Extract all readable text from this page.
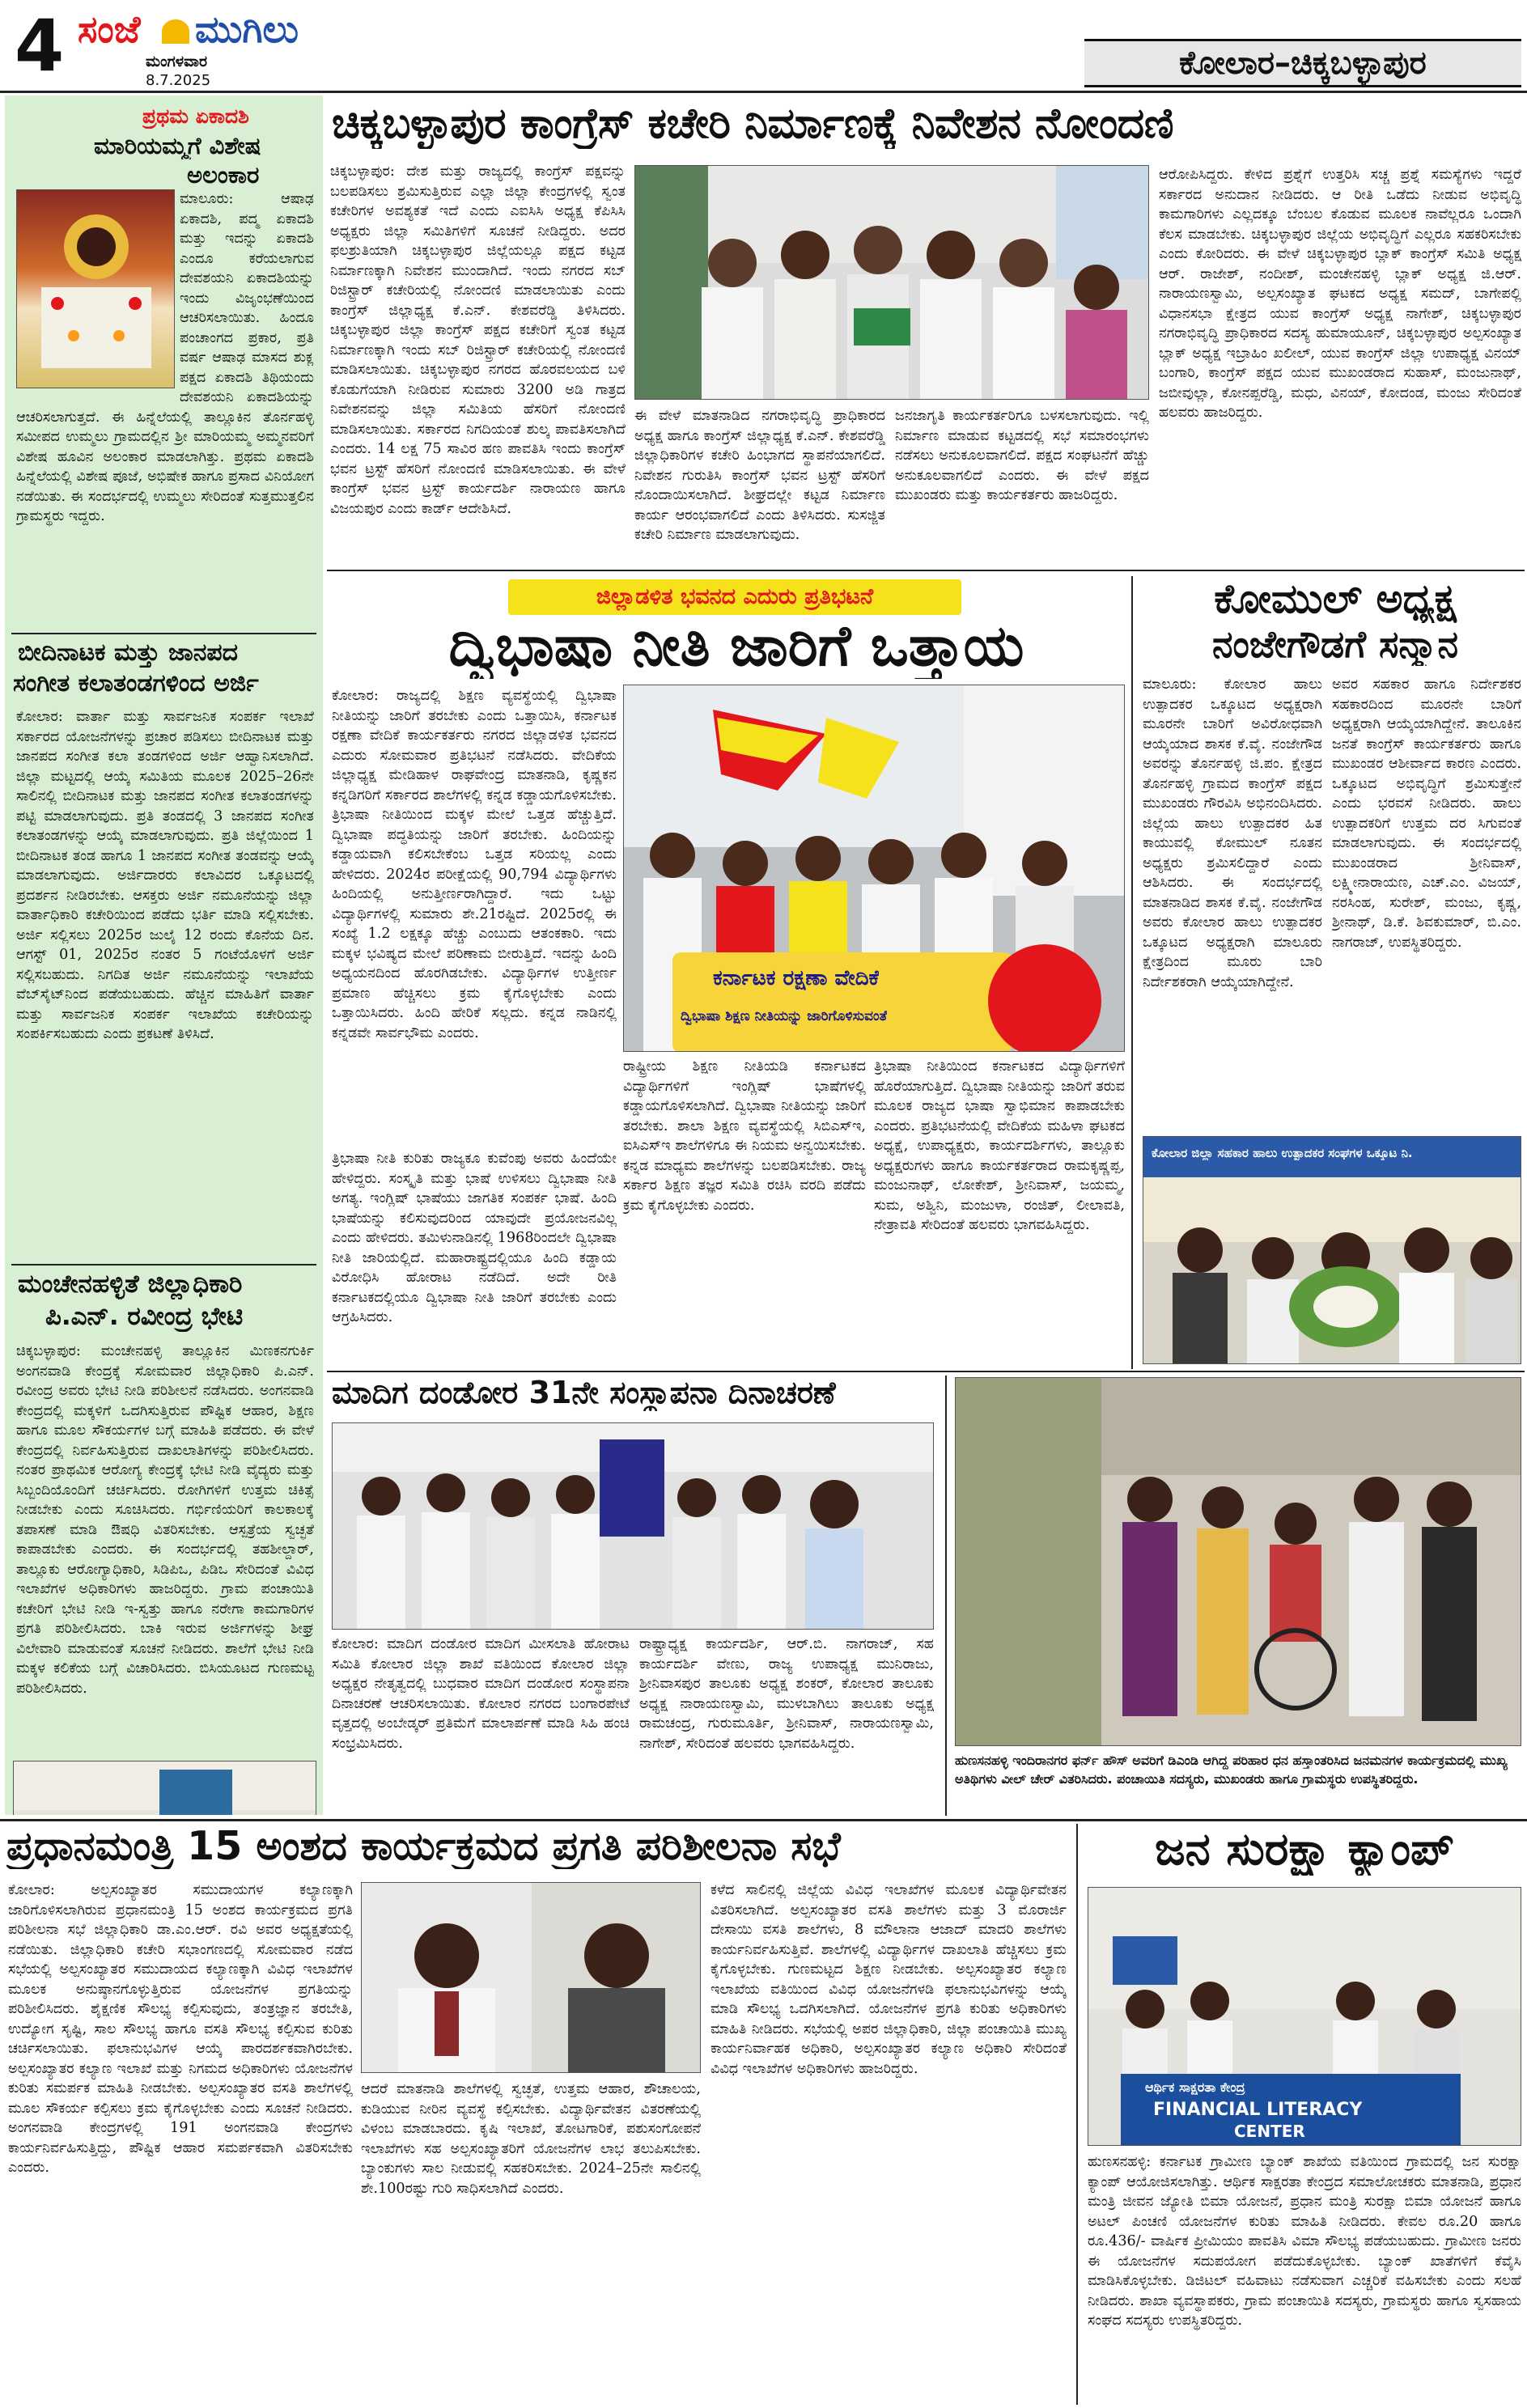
4 ಸಂಜೆ ಮುಗಿಲು
ಮಂಗಳವಾರ
8.7.2025	ಕೋಲಾರ–ಚಿಕ್ಕಬಳ್ಳಾಪುರ
ಪ್ರಥಮ ಏಕಾದಶಿ
ಮಾರಿಯಮ್ಮಗೆ ವಿಶೇಷ
ಅಲಂಕಾರ
ಮಾಲೂರು: ಆಷಾಢ ಏಕಾದಶಿ, ಪದ್ಮ ಏಕಾದಶಿ ಮತ್ತು ಇದನ್ನು ಏಕಾದಶಿ ಎಂದೂ ಕರೆಯಲಾಗುವ ದೇವಶಯನಿ ಏಕಾದಶಿಯನ್ನು ಇಂದು ವಿಜೃಂಭಣೆಯಿಂದ ಆಚರಿಸಲಾಯಿತು. ಹಿಂದೂ ಪಂಚಾಂಗದ ಪ್ರಕಾರ, ಪ್ರತಿ ವರ್ಷ ಆಷಾಢ ಮಾಸದ ಶುಕ್ಲ ಪಕ್ಷದ ಏಕಾದಶಿ ತಿಥಿಯಂದು ದೇವಶಯನಿ ಏಕಾದಶಿಯನ್ನು ಆಚರಿಸಲಾಗುತ್ತದೆ. ಈ ಹಿನ್ನೆಲೆಯಲ್ಲಿ ತಾಲ್ಲೂಕಿನ ತೊರ್ನಹಳ್ಳಿ ಸಮೀಪದ ಉಮ್ಮಲು ಗ್ರಾಮದಲ್ಲಿನ ಶ್ರೀ ಮಾರಿಯಮ್ಮ ಅಮ್ಮನವರಿಗೆ ವಿಶೇಷ ಹೂವಿನ ಅಲಂಕಾರ ಮಾಡಲಾಗಿತ್ತು. ಪ್ರಥಮ ಏಕಾದಶಿ ಹಿನ್ನೆಲೆಯಲ್ಲಿ ವಿಶೇಷ ಪೂಜೆ, ಅಭಿಷೇಕ ಹಾಗೂ ಪ್ರಸಾದ ವಿನಿಯೋಗ ನಡೆಯಿತು. ಈ ಸಂದರ್ಭದಲ್ಲಿ ಉಮ್ಮಲು ಸೇರಿದಂತೆ ಸುತ್ತಮುತ್ತಲಿನ ಗ್ರಾಮಸ್ಥರು ಇದ್ದರು.
ಬೀದಿನಾಟಕ ಮತ್ತು ಜಾನಪದ
ಸಂಗೀತ ಕಲಾತಂಡಗಳಿಂದ ಅರ್ಜಿ
ಕೋಲಾರ: ವಾರ್ತಾ ಮತ್ತು ಸಾರ್ವಜನಿಕ ಸಂಪರ್ಕ ಇಲಾಖೆ ಸರ್ಕಾರದ ಯೋಜನೆಗಳನ್ನು ಪ್ರಚಾರ ಪಡಿಸಲು ಬೀದಿನಾಟಕ ಮತ್ತು ಜಾನಪದ ಸಂಗೀತ ಕಲಾ ತಂಡಗಳಿಂದ ಅರ್ಜಿ ಆಹ್ವಾನಿಸಲಾಗಿದೆ. ಜಿಲ್ಲಾ ಮಟ್ಟದಲ್ಲಿ ಆಯ್ಕೆ ಸಮಿತಿಯ ಮೂಲಕ 2025–26ನೇ ಸಾಲಿನಲ್ಲಿ ಬೀದಿನಾಟಕ ಮತ್ತು ಜಾನಪದ ಸಂಗೀತ ಕಲಾತಂಡಗಳನ್ನು ಪಟ್ಟಿ ಮಾಡಲಾಗುವುದು. ಪ್ರತಿ ತಂಡದಲ್ಲಿ 3 ಜಾನಪದ ಸಂಗೀತ ಕಲಾತಂಡಗಳನ್ನು ಆಯ್ಕೆ ಮಾಡಲಾಗುವುದು. ಪ್ರತಿ ಜಿಲ್ಲೆಯಿಂದ 1 ಬೀದಿನಾಟಕ ತಂಡ ಹಾಗೂ 1 ಜಾನಪದ ಸಂಗೀತ ತಂಡವನ್ನು ಆಯ್ಕೆ ಮಾಡಲಾಗುವುದು. ಅರ್ಜಿದಾರರು ಕಲಾವಿದರ ಒಕ್ಕೂಟದಲ್ಲಿ ಪ್ರದರ್ಶನ ನೀಡಿರಬೇಕು. ಆಸಕ್ತರು ಅರ್ಜಿ ನಮೂನೆಯನ್ನು ಜಿಲ್ಲಾ ವಾರ್ತಾಧಿಕಾರಿ ಕಚೇರಿಯಿಂದ ಪಡೆದು ಭರ್ತಿ ಮಾಡಿ ಸಲ್ಲಿಸಬೇಕು. ಅರ್ಜಿ ಸಲ್ಲಿಸಲು 2025ರ ಜುಲೈ 12 ರಂದು ಕೊನೆಯ ದಿನ. ಆಗಸ್ಟ್ 01, 2025ರ ನಂತರ 5 ಗಂಟೆಯೊಳಗೆ ಅರ್ಜಿ ಸಲ್ಲಿಸಬಹುದು. ನಿಗದಿತ ಅರ್ಜಿ ನಮೂನೆಯನ್ನು ಇಲಾಖೆಯ ವೆಬ್‌ಸೈಟ್‌ನಿಂದ ಪಡೆಯಬಹುದು. ಹೆಚ್ಚಿನ ಮಾಹಿತಿಗೆ ವಾರ್ತಾ ಮತ್ತು ಸಾರ್ವಜನಿಕ ಸಂಪರ್ಕ ಇಲಾಖೆಯ ಕಚೇರಿಯನ್ನು ಸಂಪರ್ಕಿಸಬಹುದು ಎಂದು ಪ್ರಕಟಣೆ ತಿಳಿಸಿದೆ.
ಮಂಚೇನಹಳ್ಳಿತೆ ಜಿಲ್ಲಾಧಿಕಾರಿ
ಪಿ.ಎನ್. ರವೀಂದ್ರ ಭೇಟಿ
ಚಿಕ್ಕಬಳ್ಳಾಪುರ: ಮಂಚೇನಹಳ್ಳಿ ತಾಲ್ಲೂಕಿನ ಮಿಣಕನಗುರ್ಕಿ ಅಂಗನವಾಡಿ ಕೇಂದ್ರಕ್ಕೆ ಸೋಮವಾರ ಜಿಲ್ಲಾಧಿಕಾರಿ ಪಿ.ಎನ್. ರವೀಂದ್ರ ಅವರು ಭೇಟಿ ನೀಡಿ ಪರಿಶೀಲನೆ ನಡೆಸಿದರು. ಅಂಗನವಾಡಿ ಕೇಂದ್ರದಲ್ಲಿ ಮಕ್ಕಳಿಗೆ ಒದಗಿಸುತ್ತಿರುವ ಪೌಷ್ಟಿಕ ಆಹಾರ, ಶಿಕ್ಷಣ ಹಾಗೂ ಮೂಲ ಸೌಕರ್ಯಗಳ ಬಗ್ಗೆ ಮಾಹಿತಿ ಪಡೆದರು. ಈ ವೇಳೆ ಕೇಂದ್ರದಲ್ಲಿ ನಿರ್ವಹಿಸುತ್ತಿರುವ ದಾಖಲಾತಿಗಳನ್ನು ಪರಿಶೀಲಿಸಿದರು. ನಂತರ ಪ್ರಾಥಮಿಕ ಆರೋಗ್ಯ ಕೇಂದ್ರಕ್ಕೆ ಭೇಟಿ ನೀಡಿ ವೈದ್ಯರು ಮತ್ತು ಸಿಬ್ಬಂದಿಯೊಂದಿಗೆ ಚರ್ಚಿಸಿದರು. ರೋಗಿಗಳಿಗೆ ಉತ್ತಮ ಚಿಕಿತ್ಸೆ ನೀಡಬೇಕು ಎಂದು ಸೂಚಿಸಿದರು. ಗರ್ಭಿಣಿಯರಿಗೆ ಕಾಲಕಾಲಕ್ಕೆ ತಪಾಸಣೆ ಮಾಡಿ ಔಷಧಿ ವಿತರಿಸಬೇಕು. ಆಸ್ಪತ್ರೆಯ ಸ್ವಚ್ಛತೆ ಕಾಪಾಡಬೇಕು ಎಂದರು. ಈ ಸಂದರ್ಭದಲ್ಲಿ ತಹಶೀಲ್ದಾರ್, ತಾಲ್ಲೂಕು ಆರೋಗ್ಯಾಧಿಕಾರಿ, ಸಿಡಿಪಿಒ, ಪಿಡಿಒ ಸೇರಿದಂತೆ ವಿವಿಧ ಇಲಾಖೆಗಳ ಅಧಿಕಾರಿಗಳು ಹಾಜರಿದ್ದರು. ಗ್ರಾಮ ಪಂಚಾಯಿತಿ ಕಚೇರಿಗೆ ಭೇಟಿ ನೀಡಿ ಇ-ಸ್ವತ್ತು ಹಾಗೂ ನರೇಗಾ ಕಾಮಗಾರಿಗಳ ಪ್ರಗತಿ ಪರಿಶೀಲಿಸಿದರು. ಬಾಕಿ ಇರುವ ಅರ್ಜಿಗಳನ್ನು ಶೀಘ್ರ ವಿಲೇವಾರಿ ಮಾಡುವಂತೆ ಸೂಚನೆ ನೀಡಿದರು. ಶಾಲೆಗೆ ಭೇಟಿ ನೀಡಿ ಮಕ್ಕಳ ಕಲಿಕೆಯ ಬಗ್ಗೆ ವಿಚಾರಿಸಿದರು. ಬಿಸಿಯೂಟದ ಗುಣಮಟ್ಟ ಪರಿಶೀಲಿಸಿದರು.
ಚಿಕ್ಕಬಳ್ಳಾಪುರ ಕಾಂಗ್ರೆಸ್ ಕಚೇರಿ ನಿರ್ಮಾಣಕ್ಕೆ ನಿವೇಶನ ನೋಂದಣಿ
ಚಿಕ್ಕಬಳ್ಳಾಪುರ: ದೇಶ ಮತ್ತು ರಾಜ್ಯದಲ್ಲಿ ಕಾಂಗ್ರೆಸ್ ಪಕ್ಷವನ್ನು ಬಲಪಡಿಸಲು ಶ್ರಮಿಸುತ್ತಿರುವ ಎಲ್ಲಾ ಜಿಲ್ಲಾ ಕೇಂದ್ರಗಳಲ್ಲಿ ಸ್ವಂತ ಕಚೇರಿಗಳ ಅವಶ್ಯಕತೆ ಇದೆ ಎಂದು ಎಐಸಿಸಿ ಅಧ್ಯಕ್ಷ ಕೆಪಿಸಿಸಿ ಅಧ್ಯಕ್ಷರು ಜಿಲ್ಲಾ ಸಮಿತಿಗಳಿಗೆ ಸೂಚನೆ ನೀಡಿದ್ದರು. ಅದರ ಫಲಶ್ರುತಿಯಾಗಿ ಚಿಕ್ಕಬಳ್ಳಾಪುರ ಜಿಲ್ಲೆಯಲ್ಲೂ ಪಕ್ಷದ ಕಟ್ಟಡ ನಿರ್ಮಾಣಕ್ಕಾಗಿ ನಿವೇಶನ ಮುಂದಾಗಿದೆ. ಇಂದು ನಗರದ ಸಬ್ ರಿಜಿಸ್ಟ್ರಾರ್ ಕಚೇರಿಯಲ್ಲಿ ನೋಂದಣಿ ಮಾಡಲಾಯಿತು ಎಂದು ಕಾಂಗ್ರೆಸ್ ಜಿಲ್ಲಾಧ್ಯಕ್ಷ ಕೆ.ಎನ್. ಕೇಶವರೆಡ್ಡಿ ತಿಳಿಸಿದರು. ಚಿಕ್ಕಬಳ್ಳಾಪುರ ಜಿಲ್ಲಾ ಕಾಂಗ್ರೆಸ್ ಪಕ್ಷದ ಕಚೇರಿಗೆ ಸ್ವಂತ ಕಟ್ಟಡ ನಿರ್ಮಾಣಕ್ಕಾಗಿ ಇಂದು ಸಬ್ ರಿಜಿಸ್ಟ್ರಾರ್ ಕಚೇರಿಯಲ್ಲಿ ನೋಂದಣಿ ಮಾಡಿಸಲಾಯಿತು. ಚಿಕ್ಕಬಳ್ಳಾಪುರ ನಗರದ ಹೊರವಲಯದ ಬಳಿ ಕೊಡುಗೆಯಾಗಿ ನೀಡಿರುವ ಸುಮಾರು 3200 ಅಡಿ ಗಾತ್ರದ ನಿವೇಶನವನ್ನು ಜಿಲ್ಲಾ ಸಮಿತಿಯ ಹೆಸರಿಗೆ ನೋಂದಣಿ ಮಾಡಿಸಲಾಯಿತು. ಸರ್ಕಾರದ ನಿಗದಿಯಂತೆ ಶುಲ್ಕ ಪಾವತಿಸಲಾಗಿದೆ ಎಂದರು. 14 ಲಕ್ಷ 75 ಸಾವಿರ ಹಣ ಪಾವತಿಸಿ ಇಂದು ಕಾಂಗ್ರೆಸ್ ಭವನ ಟ್ರಸ್ಟ್ ಹೆಸರಿಗೆ ನೋಂದಣಿ ಮಾಡಿಸಲಾಯಿತು. ಈ ವೇಳೆ ಕಾಂಗ್ರೆಸ್ ಭವನ ಟ್ರಸ್ಟ್ ಕಾರ್ಯದರ್ಶಿ ನಾರಾಯಣ ಹಾಗೂ ವಿಜಯಪುರ ಎಂದು ಕಾರ್ಡ್ ಆದೇಶಿಸಿದೆ.
ಈ ವೇಳೆ ಮಾತನಾಡಿದ ನಗರಾಭಿವೃದ್ಧಿ ಪ್ರಾಧಿಕಾರದ ಅಧ್ಯಕ್ಷ ಹಾಗೂ ಕಾಂಗ್ರೆಸ್ ಜಿಲ್ಲಾಧ್ಯಕ್ಷ ಕೆ.ಎನ್. ಕೇಶವರೆಡ್ಡಿ ಜಿಲ್ಲಾಧಿಕಾರಿಗಳ ಕಚೇರಿ ಹಿಂಭಾಗದ ಸ್ಥಾಪನೆಯಾಗಲಿದೆ. ನಿವೇಶನ ಗುರುತಿಸಿ ಕಾಂಗ್ರೆಸ್ ಭವನ ಟ್ರಸ್ಟ್ ಹೆಸರಿಗೆ ನೊಂದಾಯಿಸಲಾಗಿದೆ. ಶೀಘ್ರದಲ್ಲೇ ಕಟ್ಟಡ ನಿರ್ಮಾಣ ಕಾರ್ಯ ಆರಂಭವಾಗಲಿದೆ ಎಂದು ತಿಳಿಸಿದರು. ಸುಸಜ್ಜಿತ ಕಚೇರಿ ನಿರ್ಮಾಣ ಮಾಡಲಾಗುವುದು.
ಜನಜಾಗೃತಿ ಕಾರ್ಯಕರ್ತರಿಗೂ ಬಳಸಲಾಗುವುದು. ಇಲ್ಲಿ ನಿರ್ಮಾಣ ಮಾಡುವ ಕಟ್ಟಡದಲ್ಲಿ ಸಭೆ ಸಮಾರಂಭಗಳು ನಡೆಸಲು ಅನುಕೂಲವಾಗಲಿದೆ. ಪಕ್ಷದ ಸಂಘಟನೆಗೆ ಹೆಚ್ಚು ಅನುಕೂಲವಾಗಲಿದೆ ಎಂದರು. ಈ ವೇಳೆ ಪಕ್ಷದ ಮುಖಂಡರು ಮತ್ತು ಕಾರ್ಯಕರ್ತರು ಹಾಜರಿದ್ದರು.
ಆರೋಪಿಸಿದ್ದರು. ಕೇಳಿದ ಪ್ರಶ್ನೆಗೆ ಉತ್ತರಿಸಿ ಸಚ್ಚ ಪ್ರಶ್ನೆ ಸಮಸ್ಯೆಗಳು ಇದ್ದರೆ ಸರ್ಕಾರದ ಅನುದಾನ ನೀಡಿದರು. ಆ ರೀತಿ ಒಡೆದು ನೀಡುವ ಅಭಿವೃದ್ಧಿ ಕಾಮಗಾರಿಗಳು ಎಲ್ಲದಕ್ಕೂ ಬೆಂಬಲ ಕೊಡುವ ಮೂಲಕ ನಾವೆಲ್ಲರೂ ಒಂದಾಗಿ ಕೆಲಸ ಮಾಡಬೇಕು. ಚಿಕ್ಕಬಳ್ಳಾಪುರ ಜಿಲ್ಲೆಯ ಅಭಿವೃದ್ಧಿಗೆ ಎಲ್ಲರೂ ಸಹಕರಿಸಬೇಕು ಎಂದು ಕೋರಿದರು. ಈ ವೇಳೆ ಚಿಕ್ಕಬಳ್ಳಾಪುರ ಬ್ಲಾಕ್ ಕಾಂಗ್ರೆಸ್ ಸಮಿತಿ ಅಧ್ಯಕ್ಷ ಆರ್. ರಾಜೇಶ್, ನಂದೀಶ್, ಮಂಚೇನಹಳ್ಳಿ ಬ್ಲಾಕ್ ಅಧ್ಯಕ್ಷ ಜಿ.ಆರ್. ನಾರಾಯಣಸ್ವಾಮಿ, ಅಲ್ಪಸಂಖ್ಯಾತ ಘಟಕದ ಅಧ್ಯಕ್ಷ ಸಮದ್, ಬಾಗೇಪಲ್ಲಿ ವಿಧಾನಸಭಾ ಕ್ಷೇತ್ರದ ಯುವ ಕಾಂಗ್ರೆಸ್ ಅಧ್ಯಕ್ಷ ನಾಗೇಶ್, ಚಿಕ್ಕಬಳ್ಳಾಪುರ ನಗರಾಭಿವೃದ್ಧಿ ಪ್ರಾಧಿಕಾರದ ಸದಸ್ಯ ಹುಮಾಯೂನ್, ಚಿಕ್ಕಬಳ್ಳಾಪುರ ಅಲ್ಪಸಂಖ್ಯಾತ ಬ್ಲಾಕ್ ಅಧ್ಯಕ್ಷ ಇಬ್ರಾಹಿಂ ಖಲೀಲ್, ಯುವ ಕಾಂಗ್ರೆಸ್ ಜಿಲ್ಲಾ ಉಪಾಧ್ಯಕ್ಷ ವಿನಯ್ ಬಂಗಾರಿ, ಕಾಂಗ್ರೆಸ್ ಪಕ್ಷದ ಯುವ ಮುಖಂಡರಾದ ಸುಹಾಸ್, ಮಂಜುನಾಥ್, ಜಬೀವುಲ್ಲಾ, ಕೋನಪ್ಪರೆಡ್ಡಿ, ಮಧು, ವಿನಯ್, ಕೋದಂಡ, ಮಂಜು ಸೇರಿದಂತೆ ಹಲವರು ಹಾಜರಿದ್ದರು.
ಜಿಲ್ಲಾಡಳಿತ ಭವನದ ಎದುರು ಪ್ರತಿಭಟನೆ
ದ್ವಿಭಾಷಾ ನೀತಿ ಜಾರಿಗೆ ಒತ್ತಾಯ
ಕೋಲಾರ: ರಾಜ್ಯದಲ್ಲಿ ಶಿಕ್ಷಣ ವ್ಯವಸ್ಥೆಯಲ್ಲಿ ದ್ವಿಭಾಷಾ ನೀತಿಯನ್ನು ಜಾರಿಗೆ ತರಬೇಕು ಎಂದು ಒತ್ತಾಯಿಸಿ, ಕರ್ನಾಟಕ ರಕ್ಷಣಾ ವೇದಿಕೆ ಕಾರ್ಯಕರ್ತರು ನಗರದ ಜಿಲ್ಲಾಡಳಿತ ಭವನದ ಎದುರು ಸೋಮವಾರ ಪ್ರತಿಭಟನೆ ನಡೆಸಿದರು. ವೇದಿಕೆಯ ಜಿಲ್ಲಾಧ್ಯಕ್ಷ ಮೇಡಿಹಾಳ ರಾಘವೇಂದ್ರ ಮಾತನಾಡಿ, ಕೃಷ್ಣಕನ ಕನ್ನಡಿಗರಿಗೆ ಸರ್ಕಾರದ ಶಾಲೆಗಳಲ್ಲಿ ಕನ್ನಡ ಕಡ್ಡಾಯಗೊಳಿಸಬೇಕು. ತ್ರಿಭಾಷಾ ನೀತಿಯಿಂದ ಮಕ್ಕಳ ಮೇಲೆ ಒತ್ತಡ ಹೆಚ್ಚುತ್ತಿದೆ. ದ್ವಿಭಾಷಾ ಪದ್ಧತಿಯನ್ನು ಜಾರಿಗೆ ತರಬೇಕು. ಹಿಂದಿಯನ್ನು ಕಡ್ಡಾಯವಾಗಿ ಕಲಿಸಬೇಕೆಂಬ ಒತ್ತಡ ಸರಿಯಲ್ಲ ಎಂದು ಹೇಳಿದರು. 2024ರ ಪರೀಕ್ಷೆಯಲ್ಲಿ 90,794 ವಿದ್ಯಾರ್ಥಿಗಳು ಹಿಂದಿಯಲ್ಲಿ ಅನುತ್ತೀರ್ಣರಾಗಿದ್ದಾರೆ. ಇದು ಒಟ್ಟು ವಿದ್ಯಾರ್ಥಿಗಳಲ್ಲಿ ಸುಮಾರು ಶೇ.21ರಷ್ಟಿದೆ. 2025ರಲ್ಲಿ ಈ ಸಂಖ್ಯೆ 1.2 ಲಕ್ಷಕ್ಕೂ ಹೆಚ್ಚು ಎಂಬುದು ಆತಂಕಕಾರಿ. ಇದು ಮಕ್ಕಳ ಭವಿಷ್ಯದ ಮೇಲೆ ಪರಿಣಾಮ ಬೀರುತ್ತಿದೆ. ಇದನ್ನು ಹಿಂದಿ ಅಧ್ಯಯನದಿಂದ ಹೊರಗಿಡಬೇಕು. ವಿದ್ಯಾರ್ಥಿಗಳ ಉತ್ತೀರ್ಣ ಪ್ರಮಾಣ ಹೆಚ್ಚಿಸಲು ಕ್ರಮ ಕೈಗೊಳ್ಳಬೇಕು ಎಂದು ಒತ್ತಾಯಿಸಿದರು. ಹಿಂದಿ ಹೇರಿಕೆ ಸಲ್ಲದು. ಕನ್ನಡ ನಾಡಿನಲ್ಲಿ ಕನ್ನಡವೇ ಸಾರ್ವಭೌಮ ಎಂದರು.
ಕರ್ನಾಟಕ ರಕ್ಷಣಾ ವೇದಿಕೆ
ದ್ವಿಭಾಷಾ ಶಿಕ್ಷಣ ನೀತಿಯನ್ನು ಜಾರಿಗೊಳಿಸುವಂತೆ
ತ್ರಿಭಾಷಾ ನೀತಿ ಕುರಿತು ರಾಜ್ಯಕೂ ಕುವೆಂಪು ಅವರು ಹಿಂದೆಯೇ ಹೇಳಿದ್ದರು. ಸಂಸ್ಕೃತಿ ಮತ್ತು ಭಾಷೆ ಉಳಿಸಲು ದ್ವಿಭಾಷಾ ನೀತಿ ಅಗತ್ಯ. ಇಂಗ್ಲಿಷ್ ಭಾಷೆಯು ಜಾಗತಿಕ ಸಂಪರ್ಕ ಭಾಷೆ. ಹಿಂದಿ ಭಾಷೆಯನ್ನು ಕಲಿಸುವುದರಿಂದ ಯಾವುದೇ ಪ್ರಯೋಜನವಿಲ್ಲ ಎಂದು ಹೇಳಿದರು. ತಮಿಳುನಾಡಿನಲ್ಲಿ 1968ರಿಂದಲೇ ದ್ವಿಭಾಷಾ ನೀತಿ ಜಾರಿಯಲ್ಲಿದೆ. ಮಹಾರಾಷ್ಟ್ರದಲ್ಲಿಯೂ ಹಿಂದಿ ಕಡ್ಡಾಯ ವಿರೋಧಿಸಿ ಹೋರಾಟ ನಡೆದಿದೆ. ಅದೇ ರೀತಿ ಕರ್ನಾಟಕದಲ್ಲಿಯೂ ದ್ವಿಭಾಷಾ ನೀತಿ ಜಾರಿಗೆ ತರಬೇಕು ಎಂದು ಆಗ್ರಹಿಸಿದರು.
ರಾಷ್ಟ್ರೀಯ ಶಿಕ್ಷಣ ನೀತಿಯಡಿ ಕರ್ನಾಟಕದ ವಿದ್ಯಾರ್ಥಿಗಳಿಗೆ ಇಂಗ್ಲಿಷ್ ಭಾಷೆಗಳಲ್ಲಿ ಕಡ್ಡಾಯಗೊಳಿಸಲಾಗಿದೆ. ದ್ವಿಭಾಷಾ ನೀತಿಯನ್ನು ಜಾರಿಗೆ ತರಬೇಕು. ಶಾಲಾ ಶಿಕ್ಷಣ ವ್ಯವಸ್ಥೆಯಲ್ಲಿ ಸಿಬಿಎಸ್‌ಇ, ಐಸಿಎಸ್‌ಇ ಶಾಲೆಗಳಿಗೂ ಈ ನಿಯಮ ಅನ್ವಯಿಸಬೇಕು. ಕನ್ನಡ ಮಾಧ್ಯಮ ಶಾಲೆಗಳನ್ನು ಬಲಪಡಿಸಬೇಕು. ರಾಜ್ಯ ಸರ್ಕಾರ ಶಿಕ್ಷಣ ತಜ್ಞರ ಸಮಿತಿ ರಚಿಸಿ ವರದಿ ಪಡೆದು ಕ್ರಮ ಕೈಗೊಳ್ಳಬೇಕು ಎಂದರು.
ತ್ರಿಭಾಷಾ ನೀತಿಯಿಂದ ಕರ್ನಾಟಕದ ವಿದ್ಯಾರ್ಥಿಗಳಿಗೆ ಹೊರೆಯಾಗುತ್ತಿದೆ. ದ್ವಿಭಾಷಾ ನೀತಿಯನ್ನು ಜಾರಿಗೆ ತರುವ ಮೂಲಕ ರಾಜ್ಯದ ಭಾಷಾ ಸ್ವಾಭಿಮಾನ ಕಾಪಾಡಬೇಕು ಎಂದರು. ಪ್ರತಿಭಟನೆಯಲ್ಲಿ ವೇದಿಕೆಯ ಮಹಿಳಾ ಘಟಕದ ಅಧ್ಯಕ್ಷೆ, ಉಪಾಧ್ಯಕ್ಷರು, ಕಾರ್ಯದರ್ಶಿಗಳು, ತಾಲ್ಲೂಕು ಅಧ್ಯಕ್ಷರುಗಳು ಹಾಗೂ ಕಾರ್ಯಕರ್ತರಾದ ರಾಮಕೃಷ್ಣಪ್ಪ, ಮಂಜುನಾಥ್, ಲೋಕೇಶ್, ಶ್ರೀನಿವಾಸ್, ಜಯಮ್ಮ, ಸುಮ, ಅಶ್ವಿನಿ, ಮಂಜುಳಾ, ರಂಜಿತ್, ಲೀಲಾವತಿ, ನೇತ್ರಾವತಿ ಸೇರಿದಂತೆ ಹಲವರು ಭಾಗವಹಿಸಿದ್ದರು.
ಕೋಮುಲ್ ಅಧ್ಯಕ್ಷ
ನಂಜೇಗೌಡಗೆ ಸನ್ಮಾನ
ಮಾಲೂರು: ಕೋಲಾರ ಹಾಲು ಉತ್ಪಾದಕರ ಒಕ್ಕೂಟದ ಅಧ್ಯಕ್ಷರಾಗಿ ಮೂರನೇ ಬಾರಿಗೆ ಅವಿರೋಧವಾಗಿ ಆಯ್ಕೆಯಾದ ಶಾಸಕ ಕೆ.ವೈ. ನಂಜೇಗೌಡ ಅವರನ್ನು ತೊರ್ನಹಳ್ಳಿ ಜಿ.ಪಂ. ಕ್ಷೇತ್ರದ ತೊರ್ನಹಳ್ಳಿ ಗ್ರಾಮದ ಕಾಂಗ್ರೆಸ್ ಪಕ್ಷದ ಮುಖಂಡರು ಗೌರವಿಸಿ ಅಭಿನಂದಿಸಿದರು. ಜಿಲ್ಲೆಯ ಹಾಲು ಉತ್ಪಾದಕರ ಹಿತ ಕಾಯುವಲ್ಲಿ ಕೋಮುಲ್ ನೂತನ ಅಧ್ಯಕ್ಷರು ಶ್ರಮಿಸಲಿದ್ದಾರೆ ಎಂದು ಆಶಿಸಿದರು. ಈ ಸಂದರ್ಭದಲ್ಲಿ ಮಾತನಾಡಿದ ಶಾಸಕ ಕೆ.ವೈ. ನಂಜೇಗೌಡ ಅವರು ಕೋಲಾರ ಹಾಲು ಉತ್ಪಾದಕರ ಒಕ್ಕೂಟದ ಅಧ್ಯಕ್ಷರಾಗಿ ಮಾಲೂರು ಕ್ಷೇತ್ರದಿಂದ ಮೂರು ಬಾರಿ ನಿರ್ದೇಶಕರಾಗಿ ಆಯ್ಕೆಯಾಗಿದ್ದೇನೆ.
ಅವರ ಸಹಕಾರ ಹಾಗೂ ನಿರ್ದೇಶಕರ ಸಹಕಾರದಿಂದ ಮೂರನೇ ಬಾರಿಗೆ ಅಧ್ಯಕ್ಷರಾಗಿ ಆಯ್ಕೆಯಾಗಿದ್ದೇನೆ. ತಾಲೂಕಿನ ಜನತೆ ಕಾಂಗ್ರೆಸ್ ಕಾರ್ಯಕರ್ತರು ಹಾಗೂ ಮುಖಂಡರ ಆಶೀರ್ವಾದ ಕಾರಣ ಎಂದರು. ಒಕ್ಕೂಟದ ಅಭಿವೃದ್ಧಿಗೆ ಶ್ರಮಿಸುತ್ತೇನೆ ಎಂದು ಭರವಸೆ ನೀಡಿದರು. ಹಾಲು ಉತ್ಪಾದಕರಿಗೆ ಉತ್ತಮ ದರ ಸಿಗುವಂತೆ ಮಾಡಲಾಗುವುದು. ಈ ಸಂದರ್ಭದಲ್ಲಿ ಮುಖಂಡರಾದ ಶ್ರೀನಿವಾಸ್, ಲಕ್ಷ್ಮೀನಾರಾಯಣ, ಎಚ್.ಎಂ. ವಿಜಯ್, ನರಸಿಂಹ, ಸುರೇಶ್, ಮಂಜು, ಕೃಷ್ಣ, ಶ್ರೀನಾಥ್, ಡಿ.ಕೆ. ಶಿವಕುಮಾರ್, ಬಿ.ಎಂ. ನಾಗರಾಜ್, ಉಪಸ್ಥಿತರಿದ್ದರು.
ಕೋಲಾರ ಜಿಲ್ಲಾ ಸಹಕಾರ ಹಾಲು ಉತ್ಪಾದಕರ ಸಂಘಗಳ ಒಕ್ಕೂಟ ನಿ.
ಮಾದಿಗ ದಂಡೋರ 31ನೇ ಸಂಸ್ಥಾಪನಾ ದಿನಾಚರಣೆ
ಕೋಲಾರ: ಮಾದಿಗ ದಂಡೋರ ಮಾದಿಗ ಮೀಸಲಾತಿ ಹೋರಾಟ ಸಮಿತಿ ಕೋಲಾರ ಜಿಲ್ಲಾ ಶಾಖೆ ವತಿಯಿಂದ ಕೋಲಾರ ಜಿಲ್ಲಾ ಅಧ್ಯಕ್ಷರ ನೇತೃತ್ವದಲ್ಲಿ ಬುಧವಾರ ಮಾದಿಗ ದಂಡೋರ ಸಂಸ್ಥಾಪನಾ ದಿನಾಚರಣೆ ಆಚರಿಸಲಾಯಿತು. ಕೋಲಾರ ನಗರದ ಬಂಗಾರಪೇಟೆ ವೃತ್ತದಲ್ಲಿ ಅಂಬೇಡ್ಕರ್ ಪ್ರತಿಮೆಗೆ ಮಾಲಾರ್ಪಣೆ ಮಾಡಿ ಸಿಹಿ ಹಂಚಿ ಸಂಭ್ರಮಿಸಿದರು.
ರಾಷ್ಟ್ರಾಧ್ಯಕ್ಷ ಕಾರ್ಯದರ್ಶಿ, ಆರ್.ಬಿ. ನಾಗರಾಜ್, ಸಹ ಕಾರ್ಯದರ್ಶಿ ವೇಣು, ರಾಜ್ಯ ಉಪಾಧ್ಯಕ್ಷ ಮುನಿರಾಜು, ಶ್ರೀನಿವಾಸಪುರ ತಾಲೂಕು ಅಧ್ಯಕ್ಷ ಶಂಕರ್, ಕೋಲಾರ ತಾಲೂಕು ಅಧ್ಯಕ್ಷ ನಾರಾಯಣಸ್ವಾಮಿ, ಮುಳಬಾಗಿಲು ತಾಲೂಕು ಅಧ್ಯಕ್ಷ ರಾಮಚಂದ್ರ, ಗುರುಮೂರ್ತಿ, ಶ್ರೀನಿವಾಸ್, ನಾರಾಯಣಸ್ವಾಮಿ, ನಾಗೇಶ್, ಸೇರಿದಂತೆ ಹಲವರು ಭಾಗವಹಿಸಿದ್ದರು.
ಹುಣಸನಹಳ್ಳಿ ಇಂದಿರಾನಗರ ಫರ್ನ್ ಹೌಸ್ ಅವರಿಗೆ ಡಿಎಂಡಿ ಆಗಿದ್ದ ಪರಿಹಾರ ಧನ ಹಸ್ತಾಂತರಿಸಿದ ಜನಮನಗಳ ಕಾರ್ಯಕ್ರಮದಲ್ಲಿ ಮುಖ್ಯ ಅತಿಥಿಗಳು ವೀಲ್ ಚೇರ್ ವಿತರಿಸಿದರು. ಪಂಚಾಯಿತಿ ಸದಸ್ಯರು, ಮುಖಂಡರು ಹಾಗೂ ಗ್ರಾಮಸ್ಥರು ಉಪಸ್ಥಿತರಿದ್ದರು.
ಪ್ರಧಾನಮಂತ್ರಿ 15 ಅಂಶದ ಕಾರ್ಯಕ್ರಮದ ಪ್ರಗತಿ ಪರಿಶೀಲನಾ ಸಭೆ
ಕೋಲಾರ: ಅಲ್ಪಸಂಖ್ಯಾತರ ಸಮುದಾಯಗಳ ಕಲ್ಯಾಣಕ್ಕಾಗಿ ಜಾರಿಗೊಳಿಸಲಾಗಿರುವ ಪ್ರಧಾನಮಂತ್ರಿ 15 ಅಂಶದ ಕಾರ್ಯಕ್ರಮದ ಪ್ರಗತಿ ಪರಿಶೀಲನಾ ಸಭೆ ಜಿಲ್ಲಾಧಿಕಾರಿ ಡಾ.ಎಂ.ಆರ್. ರವಿ ಅವರ ಅಧ್ಯಕ್ಷತೆಯಲ್ಲಿ ನಡೆಯಿತು. ಜಿಲ್ಲಾಧಿಕಾರಿ ಕಚೇರಿ ಸಭಾಂಗಣದಲ್ಲಿ ಸೋಮವಾರ ನಡೆದ ಸಭೆಯಲ್ಲಿ ಅಲ್ಪಸಂಖ್ಯಾತರ ಸಮುದಾಯದ ಕಲ್ಯಾಣಕ್ಕಾಗಿ ವಿವಿಧ ಇಲಾಖೆಗಳ ಮೂಲಕ ಅನುಷ್ಠಾನಗೊಳ್ಳುತ್ತಿರುವ ಯೋಜನೆಗಳ ಪ್ರಗತಿಯನ್ನು ಪರಿಶೀಲಿಸಿದರು. ಶೈಕ್ಷಣಿಕ ಸೌಲಭ್ಯ ಕಲ್ಪಿಸುವುದು, ತಂತ್ರಜ್ಞಾನ ತರಬೇತಿ, ಉದ್ಯೋಗ ಸೃಷ್ಟಿ, ಸಾಲ ಸೌಲಭ್ಯ ಹಾಗೂ ವಸತಿ ಸೌಲಭ್ಯ ಕಲ್ಪಿಸುವ ಕುರಿತು ಚರ್ಚಿಸಲಾಯಿತು. ಫಲಾನುಭವಿಗಳ ಆಯ್ಕೆ ಪಾರದರ್ಶಕವಾಗಿರಬೇಕು. ಅಲ್ಪಸಂಖ್ಯಾತರ ಕಲ್ಯಾಣ ಇಲಾಖೆ ಮತ್ತು ನಿಗಮದ ಅಧಿಕಾರಿಗಳು ಯೋಜನೆಗಳ ಕುರಿತು ಸಮರ್ಪಕ ಮಾಹಿತಿ ನೀಡಬೇಕು. ಅಲ್ಪಸಂಖ್ಯಾತರ ವಸತಿ ಶಾಲೆಗಳಲ್ಲಿ ಮೂಲ ಸೌಕರ್ಯ ಕಲ್ಪಿಸಲು ಕ್ರಮ ಕೈಗೊಳ್ಳಬೇಕು ಎಂದು ಸೂಚನೆ ನೀಡಿದರು. ಅಂಗನವಾಡಿ ಕೇಂದ್ರಗಳಲ್ಲಿ 191 ಅಂಗನವಾಡಿ ಕೇಂದ್ರಗಳು ಕಾರ್ಯನಿರ್ವಹಿಸುತ್ತಿದ್ದು, ಪೌಷ್ಟಿಕ ಆಹಾರ ಸಮರ್ಪಕವಾಗಿ ವಿತರಿಸಬೇಕು ಎಂದರು.
ಆದರೆ ಮಾತನಾಡಿ ಶಾಲೆಗಳಲ್ಲಿ ಸ್ವಚ್ಛತೆ, ಉತ್ತಮ ಆಹಾರ, ಶೌಚಾಲಯ, ಕುಡಿಯುವ ನೀರಿನ ವ್ಯವಸ್ಥೆ ಕಲ್ಪಿಸಬೇಕು. ವಿದ್ಯಾರ್ಥಿವೇತನ ವಿತರಣೆಯಲ್ಲಿ ವಿಳಂಬ ಮಾಡಬಾರದು. ಕೃಷಿ ಇಲಾಖೆ, ತೋಟಗಾರಿಕೆ, ಪಶುಸಂಗೋಪನೆ ಇಲಾಖೆಗಳು ಸಹ ಅಲ್ಪಸಂಖ್ಯಾತರಿಗೆ ಯೋಜನೆಗಳ ಲಾಭ ತಲುಪಿಸಬೇಕು. ಬ್ಯಾಂಕುಗಳು ಸಾಲ ನೀಡುವಲ್ಲಿ ಸಹಕರಿಸಬೇಕು. 2024–25ನೇ ಸಾಲಿನಲ್ಲಿ ಶೇ.100ರಷ್ಟು ಗುರಿ ಸಾಧಿಸಲಾಗಿದೆ ಎಂದರು.
ಕಳೆದ ಸಾಲಿನಲ್ಲಿ ಜಿಲ್ಲೆಯ ವಿವಿಧ ಇಲಾಖೆಗಳ ಮೂಲಕ ವಿದ್ಯಾರ್ಥಿವೇತನ ವಿತರಿಸಲಾಗಿದೆ. ಅಲ್ಪಸಂಖ್ಯಾತರ ವಸತಿ ಶಾಲೆಗಳು ಮತ್ತು 3 ಮೊರಾರ್ಜಿ ದೇಸಾಯಿ ವಸತಿ ಶಾಲೆಗಳು, 8 ಮೌಲಾನಾ ಆಜಾದ್ ಮಾದರಿ ಶಾಲೆಗಳು ಕಾರ್ಯನಿರ್ವಹಿಸುತ್ತಿವೆ. ಶಾಲೆಗಳಲ್ಲಿ ವಿದ್ಯಾರ್ಥಿಗಳ ದಾಖಲಾತಿ ಹೆಚ್ಚಿಸಲು ಕ್ರಮ ಕೈಗೊಳ್ಳಬೇಕು. ಗುಣಮಟ್ಟದ ಶಿಕ್ಷಣ ನೀಡಬೇಕು. ಅಲ್ಪಸಂಖ್ಯಾತರ ಕಲ್ಯಾಣ ಇಲಾಖೆಯ ವತಿಯಿಂದ ವಿವಿಧ ಯೋಜನೆಗಳಡಿ ಫಲಾನುಭವಿಗಳನ್ನು ಆಯ್ಕೆ ಮಾಡಿ ಸೌಲಭ್ಯ ಒದಗಿಸಲಾಗಿದೆ. ಯೋಜನೆಗಳ ಪ್ರಗತಿ ಕುರಿತು ಅಧಿಕಾರಿಗಳು ಮಾಹಿತಿ ನೀಡಿದರು. ಸಭೆಯಲ್ಲಿ ಅಪರ ಜಿಲ್ಲಾಧಿಕಾರಿ, ಜಿಲ್ಲಾ ಪಂಚಾಯಿತಿ ಮುಖ್ಯ ಕಾರ್ಯನಿರ್ವಾಹಕ ಅಧಿಕಾರಿ, ಅಲ್ಪಸಂಖ್ಯಾತರ ಕಲ್ಯಾಣ ಅಧಿಕಾರಿ ಸೇರಿದಂತೆ ವಿವಿಧ ಇಲಾಖೆಗಳ ಅಧಿಕಾರಿಗಳು ಹಾಜರಿದ್ದರು.
ಜನ ಸುರಕ್ಷಾ ಕ್ಯಾಂಪ್
ಆರ್ಥಿಕ ಸಾಕ್ಷರತಾ ಕೇಂದ್ರ
FINANCIAL LITERACY
CENTER
ಹುಣಸನಹಳ್ಳಿ: ಕರ್ನಾಟಕ ಗ್ರಾಮೀಣ ಬ್ಯಾಂಕ್ ಶಾಖೆಯ ವತಿಯಿಂದ ಗ್ರಾಮದಲ್ಲಿ ಜನ ಸುರಕ್ಷಾ ಕ್ಯಾಂಪ್ ಆಯೋಜಿಸಲಾಗಿತ್ತು. ಆರ್ಥಿಕ ಸಾಕ್ಷರತಾ ಕೇಂದ್ರದ ಸಮಾಲೋಚಕರು ಮಾತನಾಡಿ, ಪ್ರಧಾನ ಮಂತ್ರಿ ಜೀವನ ಜ್ಯೋತಿ ಬಿಮಾ ಯೋಜನೆ, ಪ್ರಧಾನ ಮಂತ್ರಿ ಸುರಕ್ಷಾ ಬಿಮಾ ಯೋಜನೆ ಹಾಗೂ ಅಟಲ್ ಪಿಂಚಣಿ ಯೋಜನೆಗಳ ಕುರಿತು ಮಾಹಿತಿ ನೀಡಿದರು. ಕೇವಲ ರೂ.20 ಹಾಗೂ ರೂ.436/- ವಾರ್ಷಿಕ ಪ್ರೀಮಿಯಂ ಪಾವತಿಸಿ ವಿಮಾ ಸೌಲಭ್ಯ ಪಡೆಯಬಹುದು. ಗ್ರಾಮೀಣ ಜನರು ಈ ಯೋಜನೆಗಳ ಸದುಪಯೋಗ ಪಡೆದುಕೊಳ್ಳಬೇಕು. ಬ್ಯಾಂಕ್ ಖಾತೆಗಳಿಗೆ ಕೆವೈಸಿ ಮಾಡಿಸಿಕೊಳ್ಳಬೇಕು. ಡಿಜಿಟಲ್ ವಹಿವಾಟು ನಡೆಸುವಾಗ ಎಚ್ಚರಿಕೆ ವಹಿಸಬೇಕು ಎಂದು ಸಲಹೆ ನೀಡಿದರು. ಶಾಖಾ ವ್ಯವಸ್ಥಾಪಕರು, ಗ್ರಾಮ ಪಂಚಾಯಿತಿ ಸದಸ್ಯರು, ಗ್ರಾಮಸ್ಥರು ಹಾಗೂ ಸ್ವಸಹಾಯ ಸಂಘದ ಸದಸ್ಯರು ಉಪಸ್ಥಿತರಿದ್ದರು.
